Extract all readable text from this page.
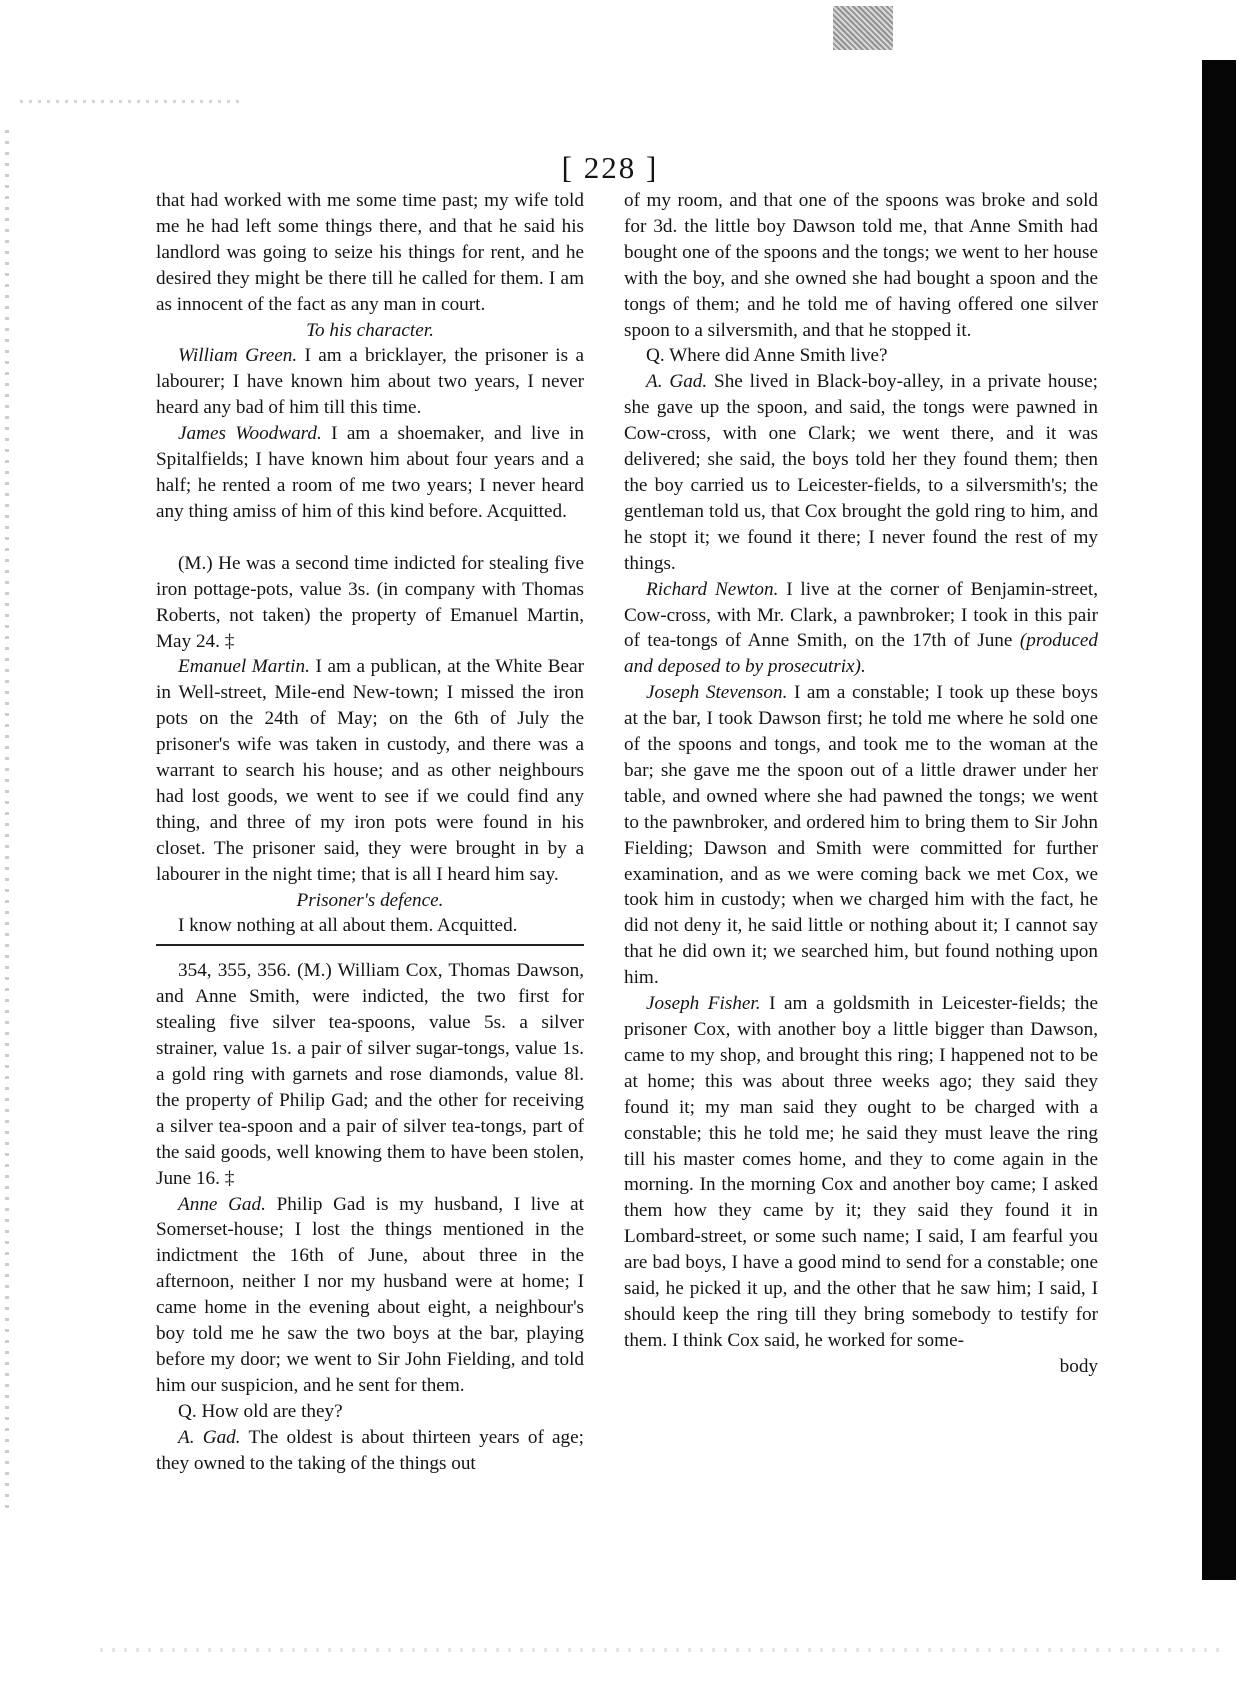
[ 228 ]

that had worked with me some time past; my wife told me he had left some things there, and that he said his landlord was going to seize his things for rent, and he desired they might be there till he called for them. I am as innocent of the fact as any man in court.

To his character.

William Green. I am a bricklayer, the prisoner is a labourer; I have known him about two years, I never heard any bad of him till this time.

James Woodward. I am a shoemaker, and live in Spitalfields; I have known him about four years and a half; he rented a room of me two years; I never heard any thing amiss of him of this kind before. Acquitted.

(M.) He was a second time indicted for stealing five iron pottage-pots, value 3s. (in company with Thomas Roberts, not taken) the property of Emanuel Martin, May 24. ‡

Emanuel Martin. I am a publican, at the White Bear in Well-street, Mile-end New-town; I missed the iron pots on the 24th of May; on the 6th of July the prisoner's wife was taken in custody, and there was a warrant to search his house; and as other neighbours had lost goods, we went to see if we could find any thing, and three of my iron pots were found in his closet. The prisoner said, they were brought in by a labourer in the night time; that is all I heard him say.

Prisoner's defence.

I know nothing at all about them. Acquitted.

354, 355, 356. (M.) William Cox, Thomas Dawson, and Anne Smith, were indicted, the two first for stealing five silver tea-spoons, value 5s. a silver strainer, value 1s. a pair of silver sugar-tongs, value 1s. a gold ring with garnets and rose diamonds, value 8l. the property of Philip Gad; and the other for receiving a silver tea-spoon and a pair of silver tea-tongs, part of the said goods, well knowing them to have been stolen, June 16. ‡

Anne Gad. Philip Gad is my husband, I live at Somerset-house; I lost the things mentioned in the indictment the 16th of June, about three in the afternoon, neither I nor my husband were at home; I came home in the evening about eight, a neighbour's boy told me he saw the two boys at the bar, playing before my door; we went to Sir John Fielding, and told him our suspicion, and he sent for them.

Q. How old are they?

A. Gad. The oldest is about thirteen years of age; they owned to the taking of the things out

of my room, and that one of the spoons was broke and sold for 3d. the little boy Dawson told me, that Anne Smith had bought one of the spoons and the tongs; we went to her house with the boy, and she owned she had bought a spoon and the tongs of them; and he told me of having offered one silver spoon to a silversmith, and that he stopped it.

Q. Where did Anne Smith live?

A. Gad. She lived in Black-boy-alley, in a private house; she gave up the spoon, and said, the tongs were pawned in Cow-cross, with one Clark; we went there, and it was delivered; she said, the boys told her they found them; then the boy carried us to Leicester-fields, to a silversmith's; the gentleman told us, that Cox brought the gold ring to him, and he stopt it; we found it there; I never found the rest of my things.

Richard Newton. I live at the corner of Benjamin-street, Cow-cross, with Mr. Clark, a pawnbroker; I took in this pair of tea-tongs of Anne Smith, on the 17th of June (produced and deposed to by prosecutrix).

Joseph Stevenson. I am a constable; I took up these boys at the bar, I took Dawson first; he told me where he sold one of the spoons and tongs, and took me to the woman at the bar; she gave me the spoon out of a little drawer under her table, and owned where she had pawned the tongs; we went to the pawnbroker, and ordered him to bring them to Sir John Fielding; Dawson and Smith were committed for further examination, and as we were coming back we met Cox, we took him in custody; when we charged him with the fact, he did not deny it, he said little or nothing about it; I cannot say that he did own it; we searched him, but found nothing upon him.

Joseph Fisher. I am a goldsmith in Leicester-fields; the prisoner Cox, with another boy a little bigger than Dawson, came to my shop, and brought this ring; I happened not to be at home; this was about three weeks ago; they said they found it; my man said they ought to be charged with a constable; this he told me; he said they must leave the ring till his master comes home, and they to come again in the morning. In the morning Cox and another boy came; I asked them how they came by it; they said they found it in Lombard-street, or some such name; I said, I am fearful you are bad boys, I have a good mind to send for a constable; one said, he picked it up, and the other that he saw him; I said, I should keep the ring till they bring somebody to testify for them. I think Cox said, he worked for some-

body
